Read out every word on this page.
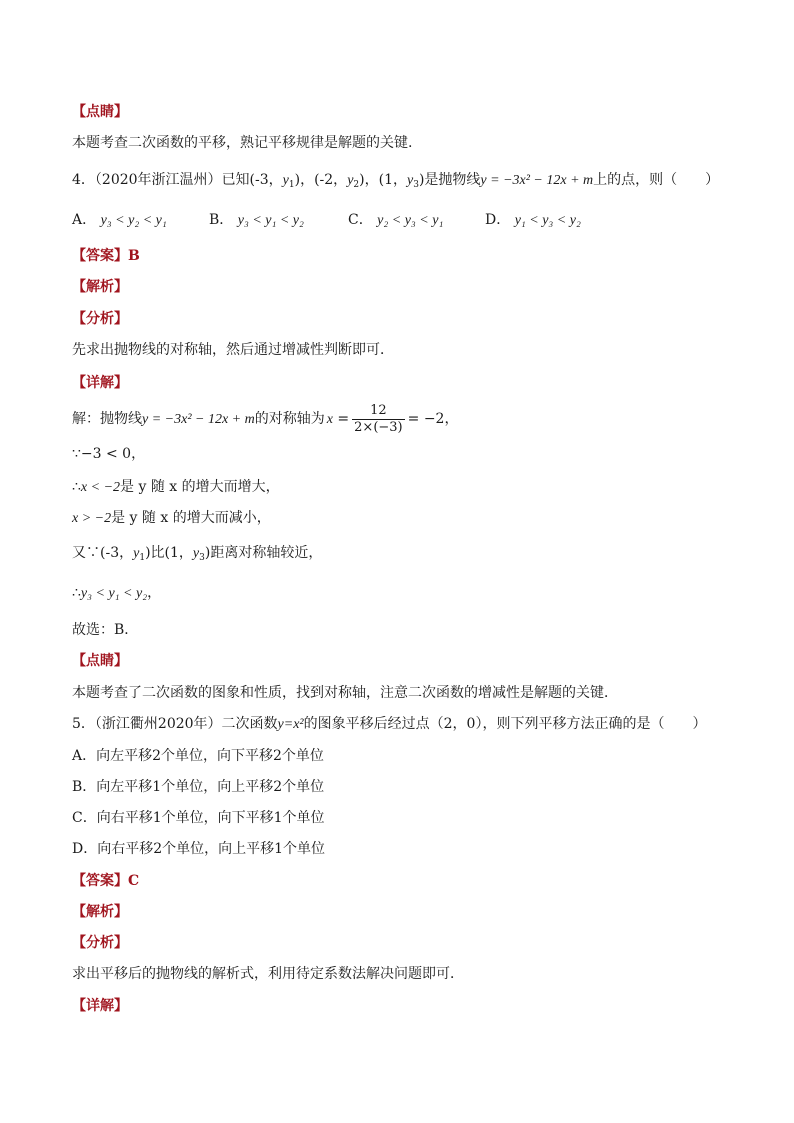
【点睛】
本题考查二次函数的平移，熟记平移规律是解题的关键.
4．（2020年浙江温州）已知(-3，$y_1$)，(-2，$y_2$)，(1，$y_3$)是抛物线y = −3x² − 12x + m上的点，则（　　）
A． y₃ < y₂ < y₁	B． y₃ < y₁ < y₂	C． y₂ < y₃ < y₁	D． y₁ < y₃ < y₂
【答案】B
【解析】
【分析】
先求出抛物线的对称轴，然后通过增减性判断即可．
【详解】
解：抛物线y = −3x² − 12x + m的对称轴为 $x = \frac{12}{2\times(-3)} = -2$，
∵−3 < 0，
∴x < −2是 y 随 x 的增大而增大，
x > −2是 y 随 x 的增大而减小，
又∵(-3，$y_1$)比(1，$y_3$)距离对称轴较近，
∴y₃ < y₁ < y₂，
故选：B．
【点睛】
本题考查了二次函数的图象和性质，找到对称轴，注意二次函数的增减性是解题的关键．
5．（浙江衢州2020年）二次函数y=x²的图象平移后经过点（2，0），则下列平移方法正确的是（　　）
A．向左平移2个单位，向下平移2个单位
B．向左平移1个单位，向上平移2个单位
C．向右平移1个单位，向下平移1个单位
D．向右平移2个单位，向上平移1个单位
【答案】C
【解析】
【分析】
求出平移后的抛物线的解析式，利用待定系数法解决问题即可．
【详解】
